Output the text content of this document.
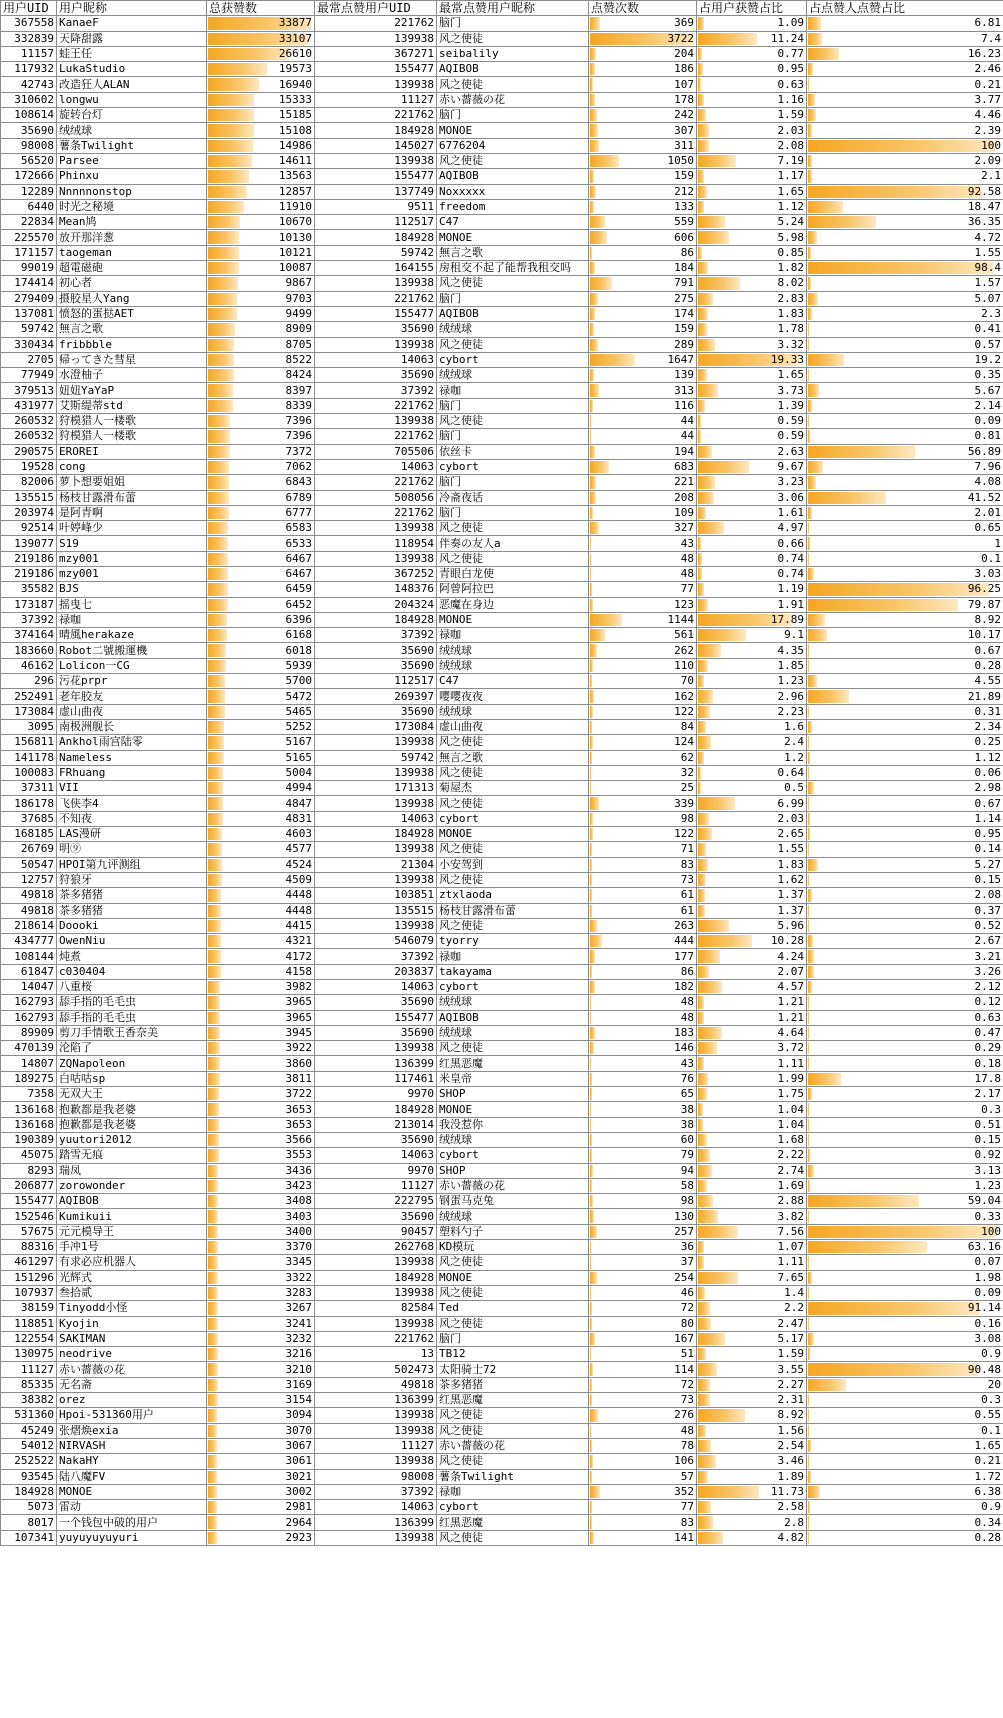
用户UID	用户昵称	总获赞数	最常点赞用户UID	最常点赞用户昵称	点赞次数	占用户获赞占比	占点赞人点赞占比
367558	KanaeF	33877	221762	脑门	369	1.09	6.81

332839	天降甜露	33107	139938	风之使徒	3722	11.24	7.4

11157	蛙王任	26610	367271	seibalily	204	0.77	16.23

117932	LukaStudio	19573	155477	AQIBOB	186	0.95	2.46

42743	改造狂人ALAN	16940	139938	风之使徒	107	0.63	0.21

310602	longwu	15333	11127	赤い薔薇の花	178	1.16	3.77

108614	旋转台灯	15185	221762	脑门	242	1.59	4.46

35690	绒绒球	15108	184928	MONOE	307	2.03	2.39

98008	薯条Twilight	14986	145027	6776204	311	2.08	100

56520	Parsee	14611	139938	风之使徒	1050	7.19	2.09

172666	Phinxu	13563	155477	AQIBOB	159	1.17	2.1

12289	Nnnnnonstop	12857	137749	Noxxxxx	212	1.65	92.58

6440	时光之秘境	11910	9511	freedom	133	1.12	18.47

22834	Mean鸠	10670	112517	C47	559	5.24	36.35

225570	放开那洋葱	10130	184928	MONOE	606	5.98	4.72

171157	taogeman	10121	59742	無言之歌	86	0.85	1.55

99019	超電磁砲	10087	164155	房租交不起了能帮我租交吗	184	1.82	98.4

174414	初心者	9867	139938	风之使徒	791	8.02	1.57

279409	摄胶星人Yang	9703	221762	脑门	275	2.83	5.07

137081	愤怒的蛋挞AET	9499	155477	AQIBOB	174	1.83	2.3

59742	無言之歌	8909	35690	绒绒球	159	1.78	0.41

330434	fribbble	8705	139938	风之使徒	289	3.32	0.57

2705	帰ってきた彗星	8522	14063	cybort	1647	19.33	19.2

77949	水澄柚子	8424	35690	绒绒球	139	1.65	0.35

379513	妞妞YaYaP	8397	37392	禄咖	313	3.73	5.67

431977	艾斯缇蒂std	8339	221762	脑门	116	1.39	2.14

260532	狩模猎人一楼歌	7396	139938	风之使徒	44	0.59	0.09

260532	狩模猎人一楼歌	7396	221762	脑门	44	0.59	0.81

290575	EROREI	7372	705506	依丝卡	194	2.63	56.89

19528	cong	7062	14063	cybort	683	9.67	7.96

82006	萝卜想要姐姐	6843	221762	脑门	221	3.23	4.08

135515	杨枝甘露滑布蕾	6789	508056	冷斋夜话	208	3.06	41.52

203974	是阿青啊	6777	221762	脑门	109	1.61	2.01

92514	叶婷峰少	6583	139938	风之使徒	327	4.97	0.65

139077	S19	6533	118954	伴奏の友人a	43	0.66	1

219186	mzy001	6467	139938	风之使徒	48	0.74	0.1

219186	mzy001	6467	367252	青眼白龙使	48	0.74	3.03

35582	BJS	6459	148376	阿曾阿拉巴	77	1.19	96.25

173187	摇曳七	6452	204324	恶魔在身边	123	1.91	79.87

37392	禄咖	6396	184928	MONOE	1144	17.89	8.92

374164	晴風herakaze	6168	37392	禄咖	561	9.1	10.17

183660	Robot二號搬運機	6018	35690	绒绒球	262	4.35	0.67

46162	Lolicon一CG	5939	35690	绒绒球	110	1.85	0.28

296	污花prpr	5700	112517	C47	70	1.23	4.55

252491	老年胶友	5472	269397	嘤嘤夜夜	162	2.96	21.89

173084	虚山曲夜	5465	35690	绒绒球	122	2.23	0.31

3095	南极洲舰长	5252	173084	虚山曲夜	84	1.6	2.34

156811	Ankhol雨宫陆零	5167	139938	风之使徒	124	2.4	0.25

141178	Nameless	5165	59742	無言之歌	62	1.2	1.12

100083	FRhuang	5004	139938	风之使徒	32	0.64	0.06

37311	VII	4994	171313	菊屋杰	25	0.5	2.98

186178	飞侠李4	4847	139938	风之使徒	339	6.99	0.67

37685	不知夜	4831	14063	cybort	98	2.03	1.14

168185	LAS漫研	4603	184928	MONOE	122	2.65	0.95

26769	明⑨	4577	139938	风之使徒	71	1.55	0.14

50547	HPOI第九评测组	4524	21304	小安驾到	83	1.83	5.27

12757	狩狼牙	4509	139938	风之使徒	73	1.62	0.15

49818	茶多猪猪	4448	103851	ztxlaoda	61	1.37	2.08

49818	茶多猪猪	4448	135515	杨枝甘露滑布蕾	61	1.37	0.37

218614	Doooki	4415	139938	风之使徒	263	5.96	0.52

434777	OwenNiu	4321	546079	tyorry	444	10.28	2.67

108144	炖煮	4172	37392	禄咖	177	4.24	3.21

61847	c030404	4158	203837	takayama	86	2.07	3.26

14047	八重桜	3982	14063	cybort	182	4.57	2.12

162793	舔手指的毛毛虫	3965	35690	绒绒球	48	1.21	0.12

162793	舔手指的毛毛虫	3965	155477	AQIBOB	48	1.21	0.63

89909	剪刀手情歌王香奈美	3945	35690	绒绒球	183	4.64	0.47

470139	沦陷了	3922	139938	风之使徒	146	3.72	0.29

14807	ZQNapoleon	3860	136399	红黑恶魔	43	1.11	0.18

189275	白咕咕sp	3811	117461	米皇帝	76	1.99	17.8

7358	无双大王	3722	9970	SHOP	65	1.75	2.17

136168	抱歉都是我老婆	3653	184928	MONOE	38	1.04	0.3

136168	抱歉都是我老婆	3653	213014	我没惹你	38	1.04	0.51

190389	yuutori2012	3566	35690	绒绒球	60	1.68	0.15

45075	踏雪无痕	3553	14063	cybort	79	2.22	0.92

8293	瑞凤	3436	9970	SHOP	94	2.74	3.13

206877	zorowonder	3423	11127	赤い薔薇の花	58	1.69	1.23

155477	AQIBOB	3408	222795	钢蛋马克兔	98	2.88	59.04

152546	Kumikuii	3403	35690	绒绒球	130	3.82	0.33

57675	元元模导王	3400	90457	塑料勺子	257	7.56	100

88316	手冲1号	3370	262768	KD模玩	36	1.07	63.16

461297	有求必应机器人	3345	139938	风之使徒	37	1.11	0.07

151296	光辉式	3322	184928	MONOE	254	7.65	1.98

107937	叁拾贰	3283	139938	风之使徒	46	1.4	0.09

38159	Tinyodd小怪	3267	82584	Ted	72	2.2	91.14

118851	Kyojin	3241	139938	风之使徒	80	2.47	0.16

122554	SAKIMAN	3232	221762	脑门	167	5.17	3.08

130975	neodrive	3216	13	TB12	51	1.59	0.9

11127	赤い薔薇の花	3210	502473	太阳骑士72	114	3.55	90.48

85335	无名斋	3169	49818	茶多猪猪	72	2.27	20

38382	orez	3154	136399	红黑恶魔	73	2.31	0.3

531360	Hpoi-531360用户	3094	139938	风之使徒	276	8.92	0.55

45249	张熠焕exia	3070	139938	风之使徒	48	1.56	0.1

54012	NIRVASH	3067	11127	赤い薔薇の花	78	2.54	1.65

252522	NakaHY	3061	139938	风之使徒	106	3.46	0.21

93545	陆八魔FV	3021	98008	薯条Twilight	57	1.89	1.72

184928	MONOE	3002	37392	禄咖	352	11.73	6.38

5073	雷动	2981	14063	cybort	77	2.58	0.9

8017	一个钱包中破的用户	2964	136399	红黑恶魔	83	2.8	0.34

107341	yuyuyuyuyuri	2923	139938	风之使徒	141	4.82	0.28
